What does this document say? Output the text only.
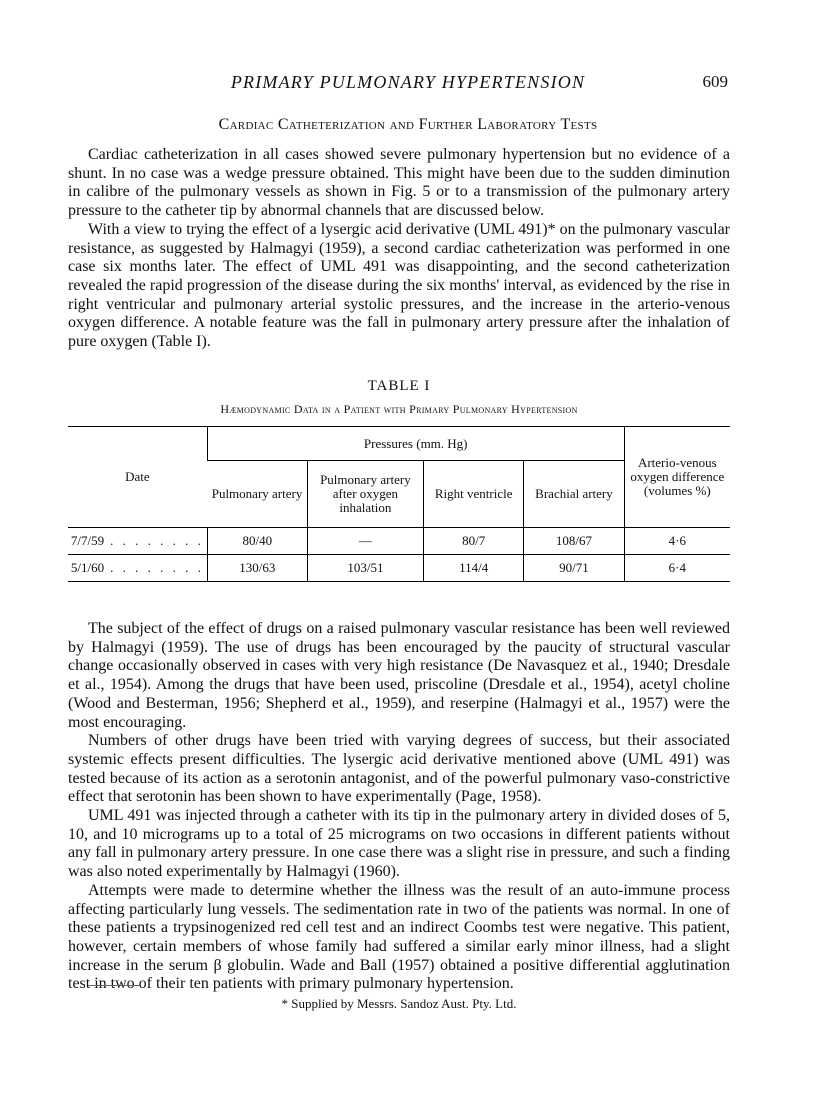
PRIMARY PULMONARY HYPERTENSION	609
Cardiac Catheterization and Further Laboratory Tests

Cardiac catheterization in all cases showed severe pulmonary hypertension but no evidence of a shunt. In no case was a wedge pressure obtained. This might have been due to the sudden diminution in calibre of the pulmonary vessels as shown in Fig. 5 or to a transmission of the pulmonary artery pressure to the catheter tip by abnormal channels that are discussed below.

With a view to trying the effect of a lysergic acid derivative (UML 491)* on the pulmonary vascular resistance, as suggested by Halmagyi (1959), a second cardiac catheterization was performed in one case six months later. The effect of UML 491 was disappointing, and the second catheterization revealed the rapid progression of the disease during the six months' interval, as evidenced by the rise in right ventricular and pulmonary arterial systolic pressures, and the increase in the arterio-venous oxygen difference. A notable feature was the fall in pulmonary artery pressure after the inhalation of pure oxygen (Table I).

TABLE I
Hæmodynamic Data in a Patient with Primary Pulmonary Hypertension
Date	Pressures (mm. Hg)				Arterio-venous oxygen difference (volumes %)
	Pulmonary artery	Pulmonary artery after oxygen inhalation	Right ventricle	Brachial artery	
7/7/59 . . . . . . . .	80/40	—	80/7	108/67	4·6
5/1/60 . . . . . . . .	130/63	103/51	114/4	90/71	6·4

The subject of the effect of drugs on a raised pulmonary vascular resistance has been well reviewed by Halmagyi (1959). The use of drugs has been encouraged by the paucity of structural vascular change occasionally observed in cases with very high resistance (De Navasquez et al., 1940; Dresdale et al., 1954). Among the drugs that have been used, priscoline (Dresdale et al., 1954), acetyl choline (Wood and Besterman, 1956; Shepherd et al., 1959), and reserpine (Halmagyi et al., 1957) were the most encouraging.

Numbers of other drugs have been tried with varying degrees of success, but their associated systemic effects present difficulties. The lysergic acid derivative mentioned above (UML 491) was tested because of its action as a serotonin antagonist, and of the powerful pulmonary vaso-constrictive effect that serotonin has been shown to have experimentally (Page, 1958).

UML 491 was injected through a catheter with its tip in the pulmonary artery in divided doses of 5, 10, and 10 micrograms up to a total of 25 micrograms on two occasions in different patients without any fall in pulmonary artery pressure. In one case there was a slight rise in pressure, and such a finding was also noted experimentally by Halmagyi (1960).

Attempts were made to determine whether the illness was the result of an auto-immune process affecting particularly lung vessels. The sedimentation rate in two of the patients was normal. In one of these patients a trypsinogenized red cell test and an indirect Coombs test were negative. This patient, however, certain members of whose family had suffered a similar early minor illness, had a slight increase in the serum β globulin. Wade and Ball (1957) obtained a positive differential agglutination test in two of their ten patients with primary pulmonary hypertension.

* Supplied by Messrs. Sandoz Aust. Pty. Ltd.
